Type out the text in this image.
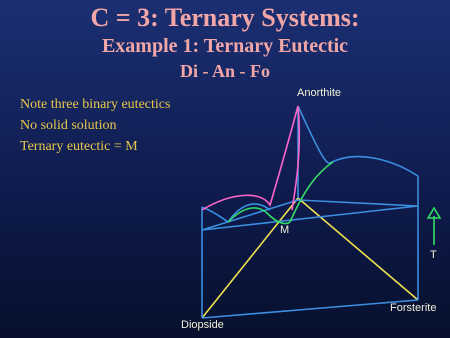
C = 3: Ternary Systems:
Example 1: Ternary Eutectic
Di - An - Fo
Note three binary eutectics
No solid solution
Ternary eutectic = M
Anorthite
M
T
Forsterite
Diopside
